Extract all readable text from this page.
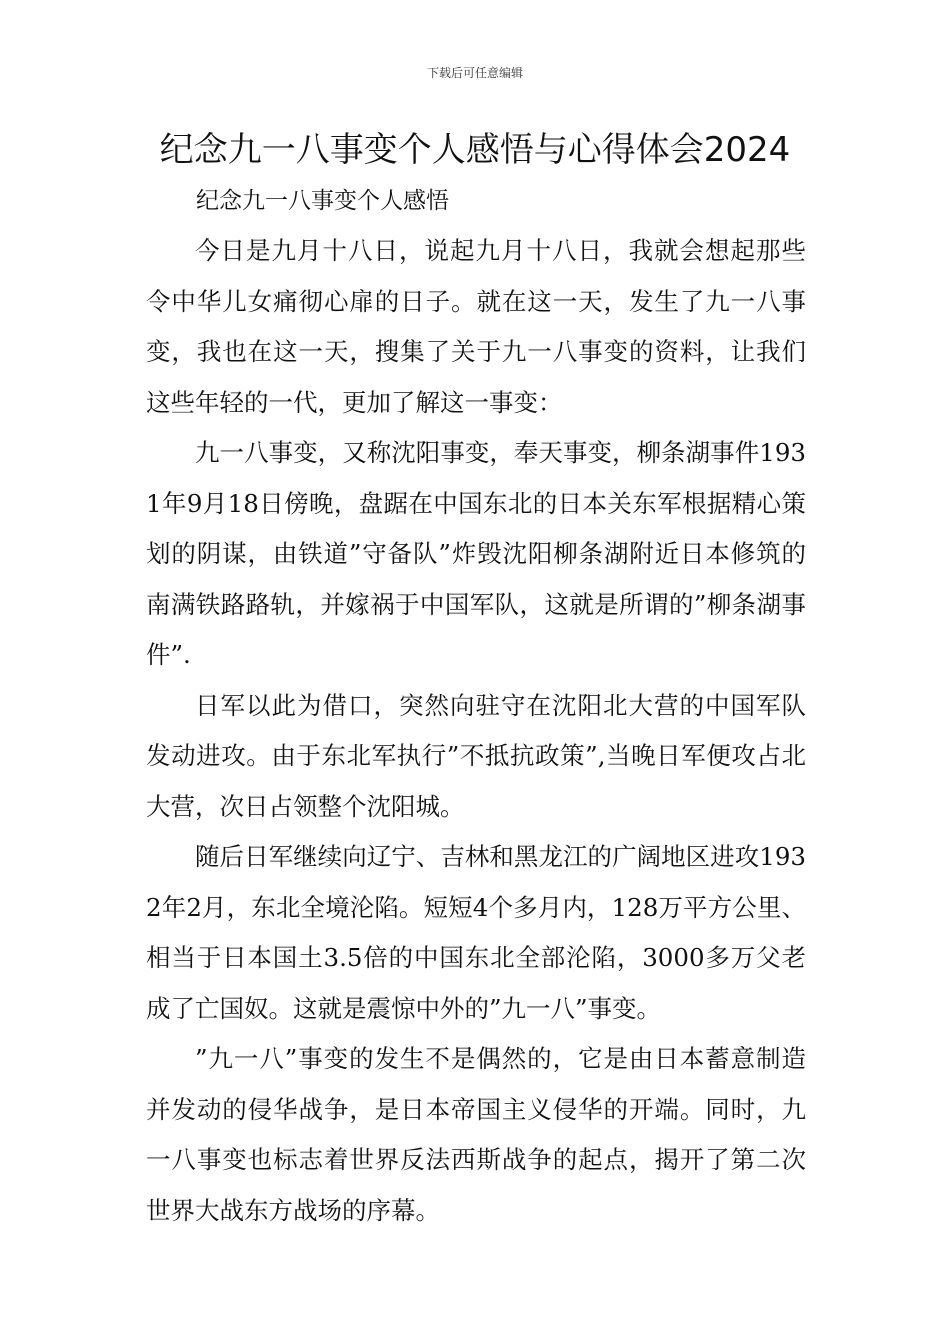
下载后可任意编辑
纪念九一八事变个人感悟与心得体会2024

纪念九一八事变个人感悟

今日是九月十八日，说起九月十八日，我就会想起那些令中华儿女痛彻心扉的日子。就在这一天，发生了九一八事变，我也在这一天，搜集了关于九一八事变的资料，让我们这些年轻的一代，更加了解这一事变：

九一八事变，又称沈阳事变，奉天事变，柳条湖事件1931年9月18日傍晚，盘踞在中国东北的日本关东军根据精心策划的阴谋，由铁道”守备队”炸毁沈阳柳条湖附近日本修筑的南满铁路路轨，并嫁祸于中国军队，这就是所谓的”柳条湖事件”.

日军以此为借口，突然向驻守在沈阳北大营的中国军队发动进攻。由于东北军执行”不抵抗政策”,当晚日军便攻占北大营，次日占领整个沈阳城。

随后日军继续向辽宁、吉林和黑龙江的广阔地区进攻1932年2月，东北全境沦陷。短短4个多月内，128万平方公里、相当于日本国土3.5倍的中国东北全部沦陷，3000多万父老成了亡国奴。这就是震惊中外的”九一八”事变。

”九一八”事变的发生不是偶然的，它是由日本蓄意制造并发动的侵华战争，是日本帝国主义侵华的开端。同时，九一八事变也标志着世界反法西斯战争的起点，揭开了第二次世界大战东方战场的序幕。
